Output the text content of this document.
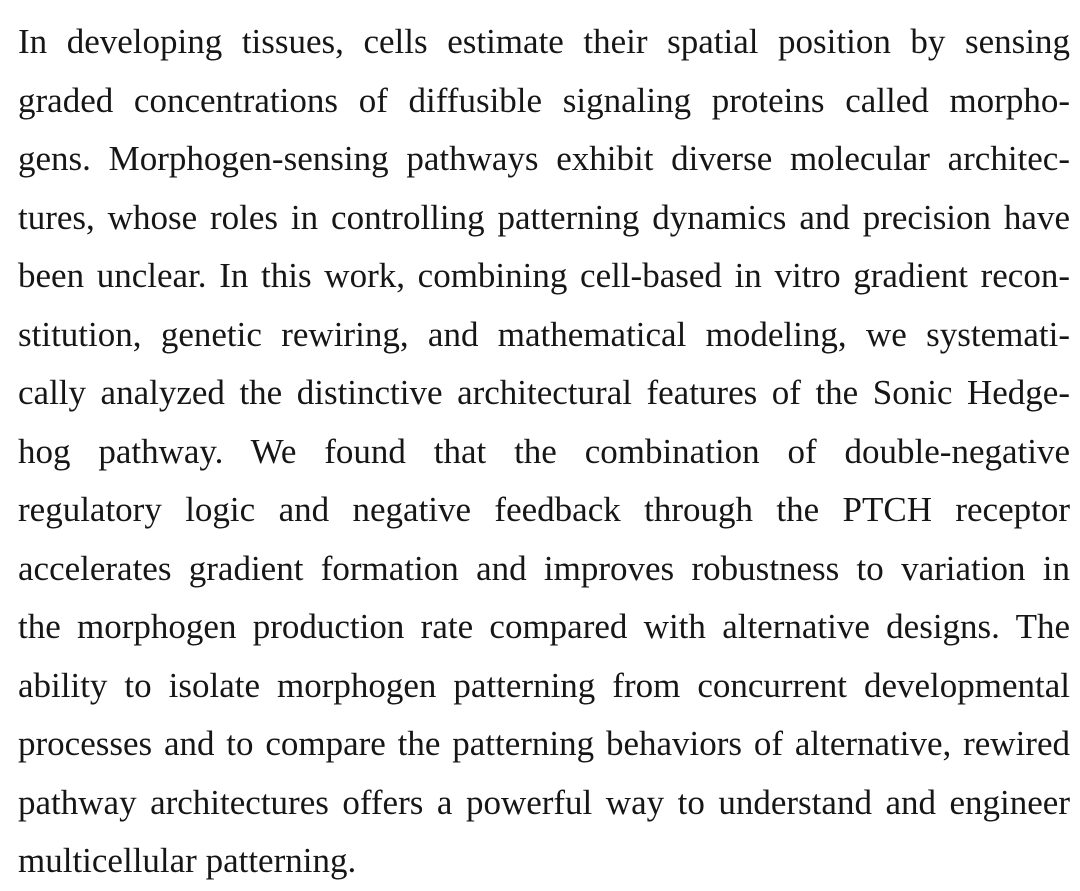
In developing tissues, cells estimate their spatial position by sensing
graded concentrations of diffusible signaling proteins called morpho-
gens. Morphogen-sensing pathways exhibit diverse molecular architec-
tures, whose roles in controlling patterning dynamics and precision have
been unclear. In this work, combining cell-based in vitro gradient recon-
stitution, genetic rewiring, and mathematical modeling, we systemati-
cally analyzed the distinctive architectural features of the Sonic Hedge-
hog pathway. We found that the combination of double-negative
regulatory logic and negative feedback through the PTCH receptor
accelerates gradient formation and improves robustness to variation in
the morphogen production rate compared with alternative designs. The
ability to isolate morphogen patterning from concurrent developmental
processes and to compare the patterning behaviors of alternative, rewired
pathway architectures offers a powerful way to understand and engineer
multicellular patterning.
